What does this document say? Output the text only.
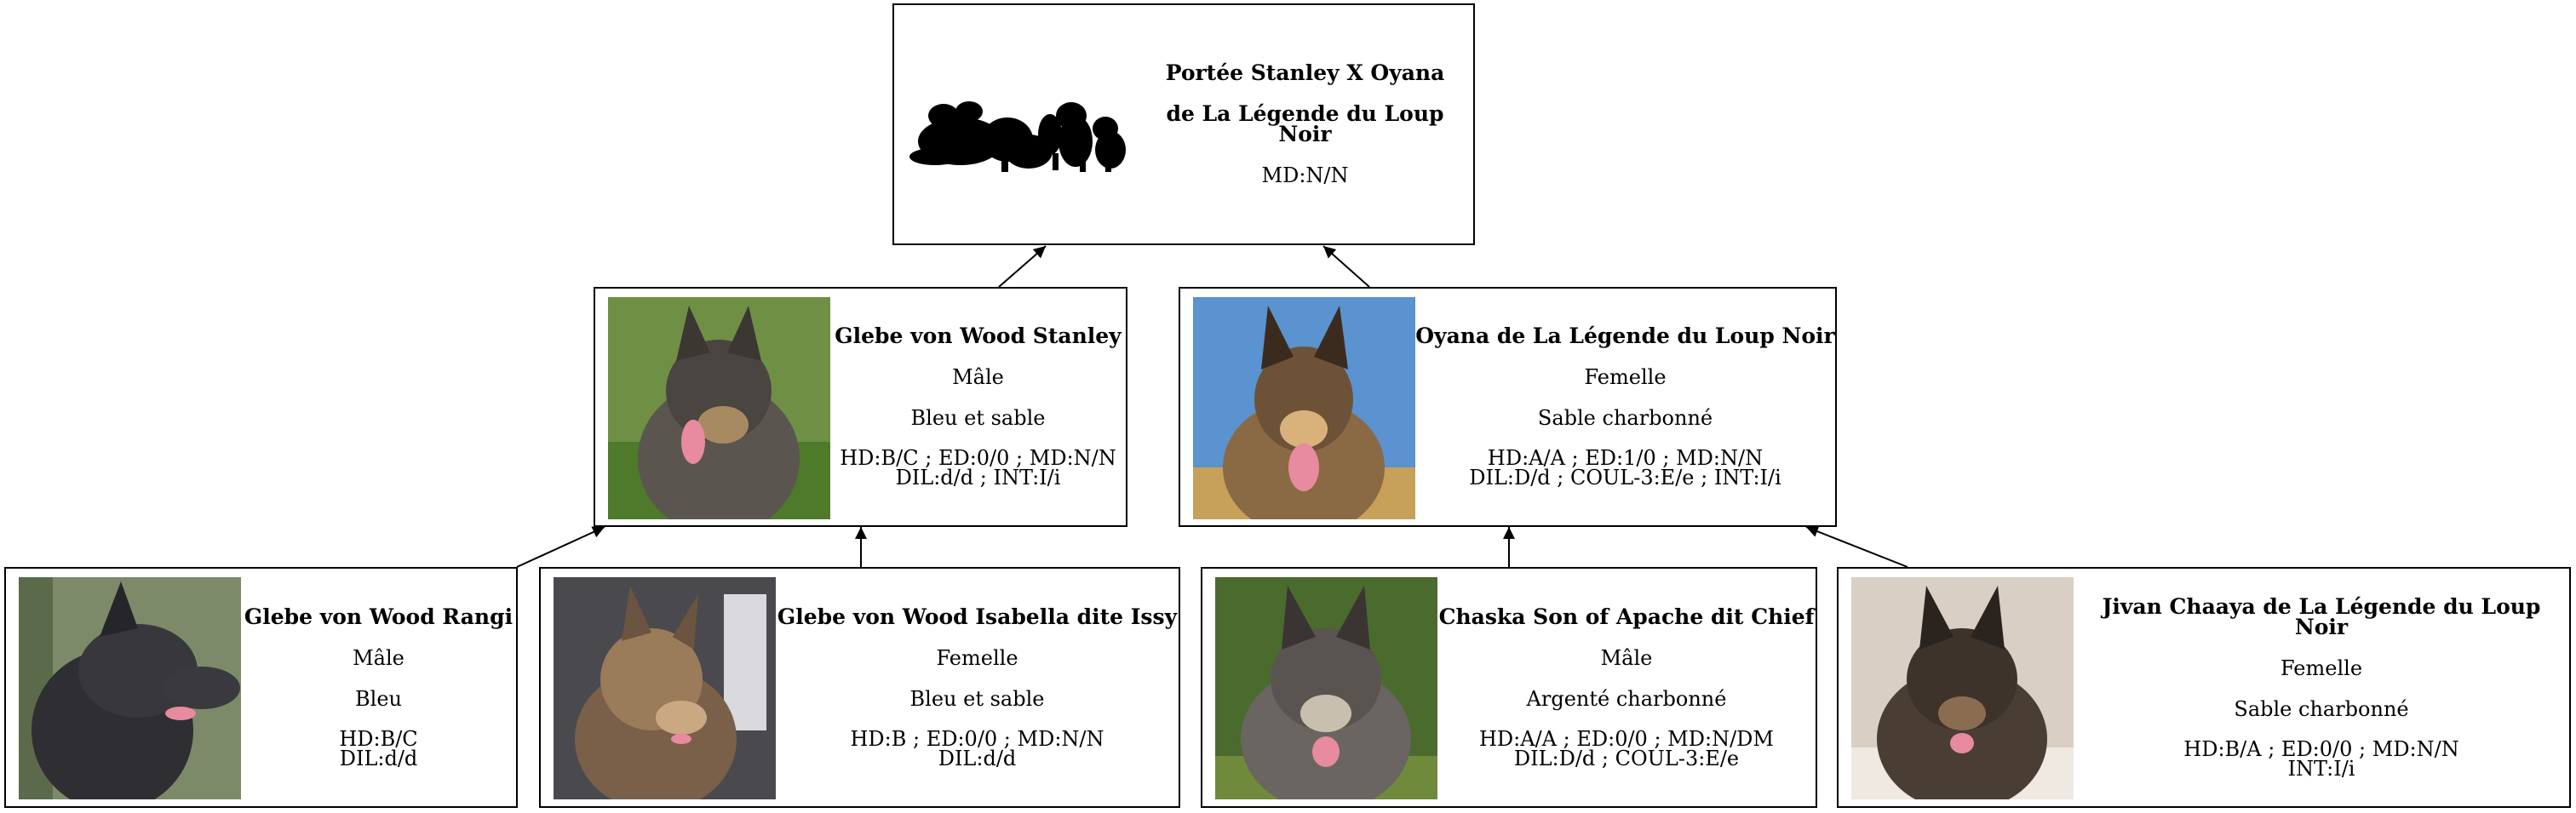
Portée Stanley X Oyana
de La Légende du Loup Noir
MD:N/N
Glebe von Wood Stanley
Mâle
Bleu et sable
HD:B/C ; ED:0/0 ; MD:N/N
DIL:d/d ; INT:I/i
Oyana de La Légende du Loup Noir
Femelle
Sable charbonné
HD:A/A ; ED:1/0 ; MD:N/N
DIL:D/d ; COUL-3:E/e ; INT:I/i
Glebe von Wood Rangi
Mâle
Bleu
HD:B/C
DIL:d/d
Glebe von Wood Isabella dite Issy
Femelle
Bleu et sable
HD:B ; ED:0/0 ; MD:N/N
DIL:d/d
Chaska Son of Apache dit Chief
Mâle
Argenté charbonné
HD:A/A ; ED:0/0 ; MD:N/DM
DIL:D/d ; COUL-3:E/e
Jivan Chaaya de La Légende du Loup Noir
Femelle
Sable charbonné
HD:B/A ; ED:0/0 ; MD:N/N
INT:I/i
